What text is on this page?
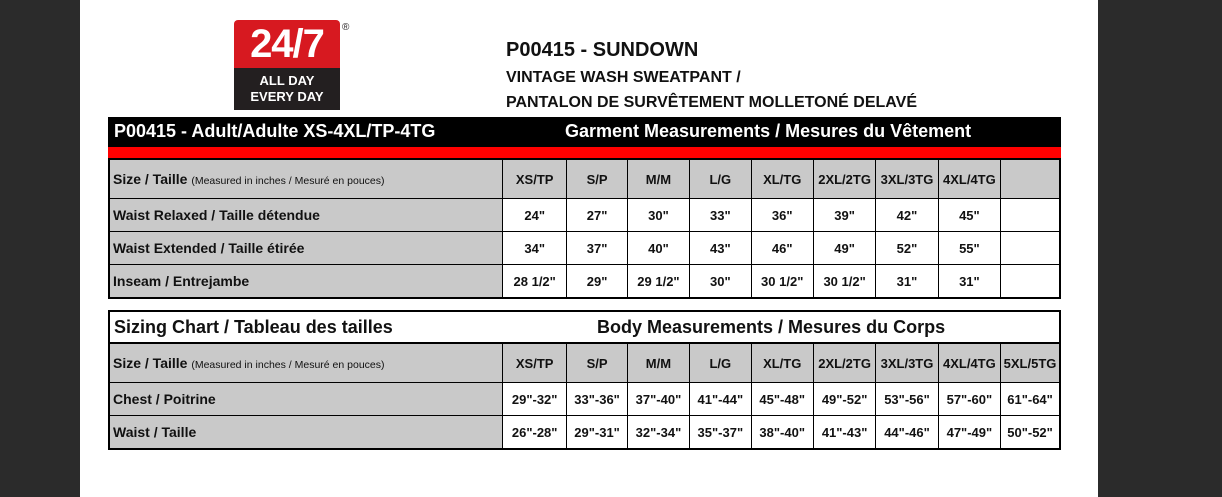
24/7
ALL DAY
EVERY DAY
®
P00415 - SUNDOWN
VINTAGE WASH SWEATPANT /
PANTALON DE SURVÊTEMENT MOLLETONÉ DELAVÉ
P00415 - Adult/Adulte XS-4XL/TP-4TG	Garment Measurements / Mesures du Vêtement
Size / Taille (Measured in inches / Mesuré en pouces)	XS/TP	S/P	M/M	L/G	XL/TG	2XL/2TG	3XL/3TG	4XL/4TG	
Waist Relaxed / Taille détendue	24"	27"	30"	33"	36"	39"	42"	45"	
Waist Extended / Taille étirée	34"	37"	40"	43"	46"	49"	52"	55"	
Inseam / Entrejambe	28 1/2"	29"	29 1/2"	30"	30 1/2"	30 1/2"	31"	31"	
Sizing Chart / Tableau des tailles	Body Measurements / Mesures du Corps
Size / Taille (Measured in inches / Mesuré en pouces)	XS/TP	S/P	M/M	L/G	XL/TG	2XL/2TG	3XL/3TG	4XL/4TG	5XL/5TG
Chest / Poitrine	29"-32"	33"-36"	37"-40"	41"-44"	45"-48"	49"-52"	53"-56"	57"-60"	61"-64"
Waist / Taille	26"-28"	29"-31"	32"-34"	35"-37"	38"-40"	41"-43"	44"-46"	47"-49"	50"-52"
